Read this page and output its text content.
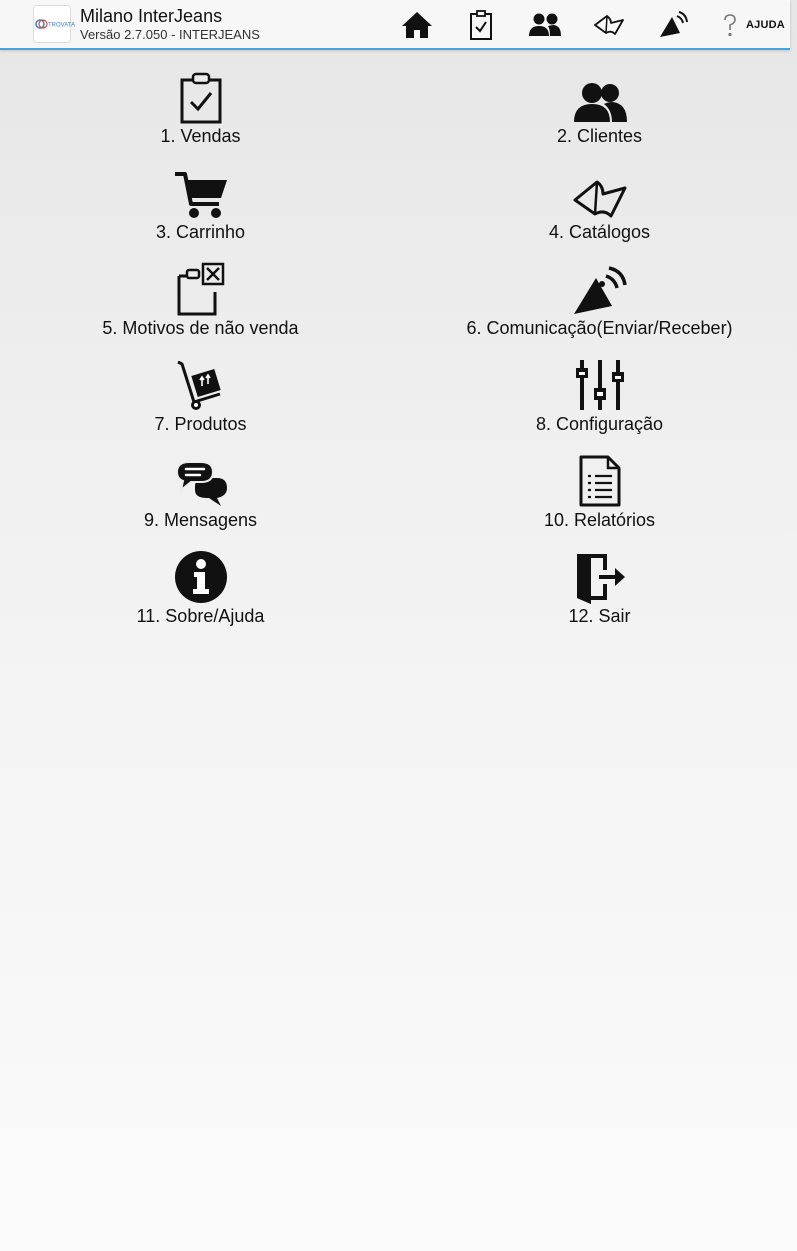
TROVATA Milano InterJeans
Versão 2.7.050 - INTERJEANS
AJUDA
1. Vendas	2. Clientes
3. Carrinho	4. Catálogos
5. Motivos de não venda	6. Comunicação(Enviar/Receber)
7. Produtos	8. Configuração
9. Mensagens	10. Relatórios
11. Sobre/Ajuda	12. Sair
